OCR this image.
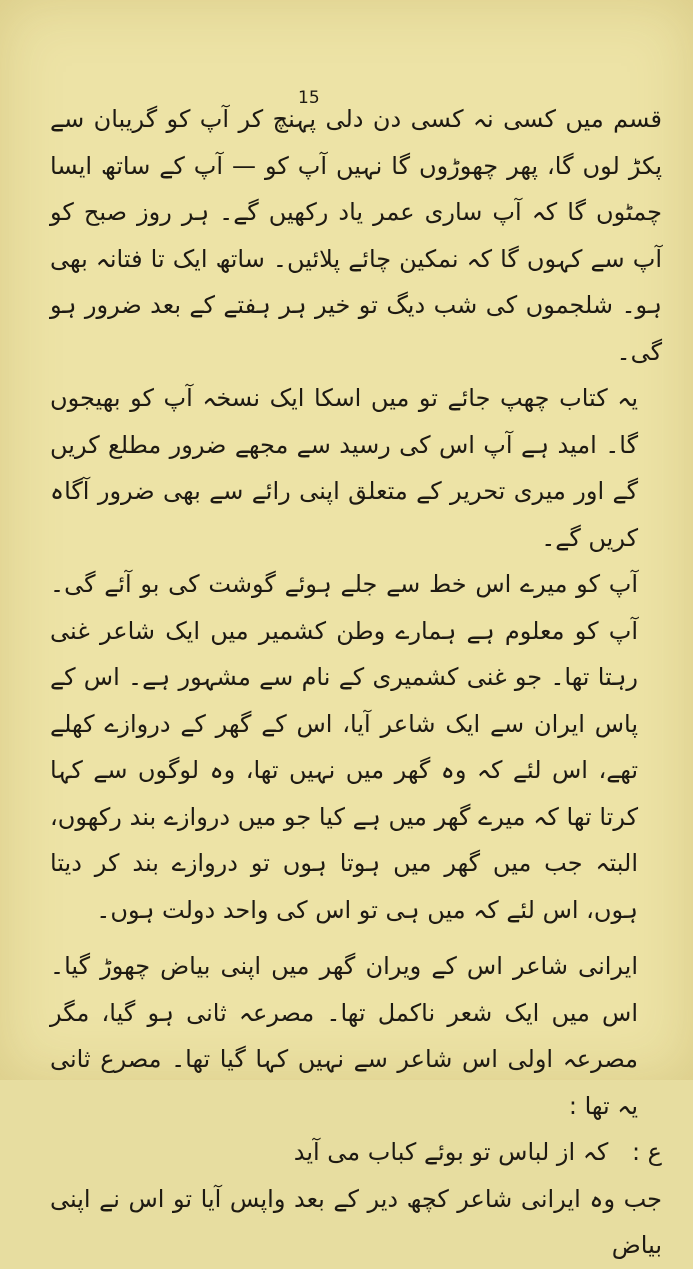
15

قسم میں کسی نہ کسی دن دلی پہنچ کر آپ کو گریبان سے پکڑ لوں گا، پھر چھوڑوں گا نہیں آپ کو — آپ کے ساتھ ایسا چمٹوں گا کہ آپ ساری عمر یاد رکھیں گے۔ ہر روز صبح کو آپ سے کہوں گا کہ نمکین چائے پلائیں۔ ساتھ ایک تا فتانہ بھی ہو۔ شلجموں کی شب دیگ تو خیر ہر ہفتے کے بعد ضرور ہو گی۔

یہ کتاب چھپ جائے تو میں اسکا ایک نسخہ آپ کو بھیجوں گا۔ امید ہے آپ اس کی رسید سے مجھے ضرور مطلع کریں گے اور میری تحریر کے متعلق اپنی رائے سے بھی ضرور آگاہ کریں گے۔

آپ کو میرے اس خط سے جلے ہوئے گوشت کی بو آئے گی۔ آپ کو معلوم ہے ہمارے وطن کشمیر میں ایک شاعر غنی رہتا تھا۔ جو غنی کشمیری کے نام سے مشہور ہے۔ اس کے پاس ایران سے ایک شاعر آیا، اس کے گھر کے دروازے کھلے تھے، اس لئے کہ وہ گھر میں نہیں تھا، وہ لوگوں سے کہا کرتا تھا کہ میرے گھر میں ہے کیا جو میں دروازے بند رکھوں، البتہ جب میں گھر میں ہوتا ہوں تو دروازے بند کر دیتا ہوں، اس لئے کہ میں ہی تو اس کی واحد دولت ہوں۔

ایرانی شاعر اس کے ویران گھر میں اپنی بیاض چھوڑ گیا۔ اس میں ایک شعر ناکمل تھا۔ مصرعہ ثانی ہو گیا، مگر مصرعہ اولی اس شاعر سے نہیں کہا گیا تھا۔ مصرع ثانی یہ تھا :

ع : کہ از لباس تو بوئے کباب می آید

جب وہ ایرانی شاعر کچھ دیر کے بعد واپس آیا تو اس نے اپنی بیاض
